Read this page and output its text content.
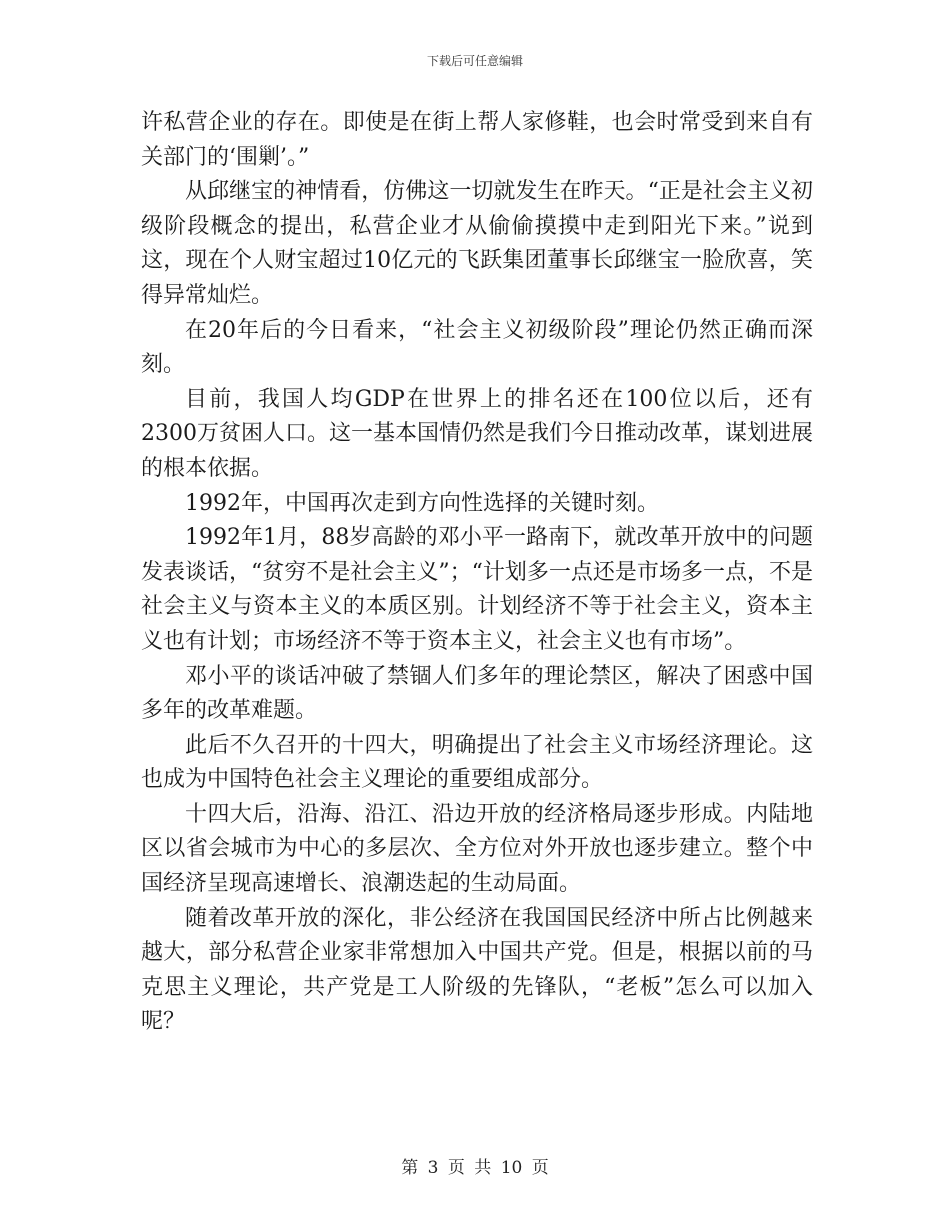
下载后可任意编辑

许私营企业的存在。即使是在街上帮人家修鞋，也会时常受到来自有关部门的‘围剿’。”

从邱继宝的神情看，仿佛这一切就发生在昨天。“正是社会主义初级阶段概念的提出，私营企业才从偷偷摸摸中走到阳光下来。”说到这，现在个人财宝超过10亿元的飞跃集团董事长邱继宝一脸欣喜，笑得异常灿烂。

在20年后的今日看来，“社会主义初级阶段”理论仍然正确而深刻。

目前，我国人均GDP在世界上的排名还在100位以后，还有2300万贫困人口。这一基本国情仍然是我们今日推动改革，谋划进展的根本依据。

1992年，中国再次走到方向性选择的关键时刻。

1992年1月，88岁高龄的邓小平一路南下，就改革开放中的问题发表谈话，“贫穷不是社会主义”；“计划多一点还是市场多一点，不是社会主义与资本主义的本质区别。计划经济不等于社会主义，资本主义也有计划；市场经济不等于资本主义，社会主义也有市场”。

邓小平的谈话冲破了禁锢人们多年的理论禁区，解决了困惑中国多年的改革难题。

此后不久召开的十四大，明确提出了社会主义市场经济理论。这也成为中国特色社会主义理论的重要组成部分。

十四大后，沿海、沿江、沿边开放的经济格局逐步形成。内陆地区以省会城市为中心的多层次、全方位对外开放也逐步建立。整个中国经济呈现高速增长、浪潮迭起的生动局面。

随着改革开放的深化，非公经济在我国国民经济中所占比例越来越大，部分私营企业家非常想加入中国共产党。但是，根据以前的马克思主义理论，共产党是工人阶级的先锋队，“老板”怎么可以加入呢？

第 3 页 共 10 页
